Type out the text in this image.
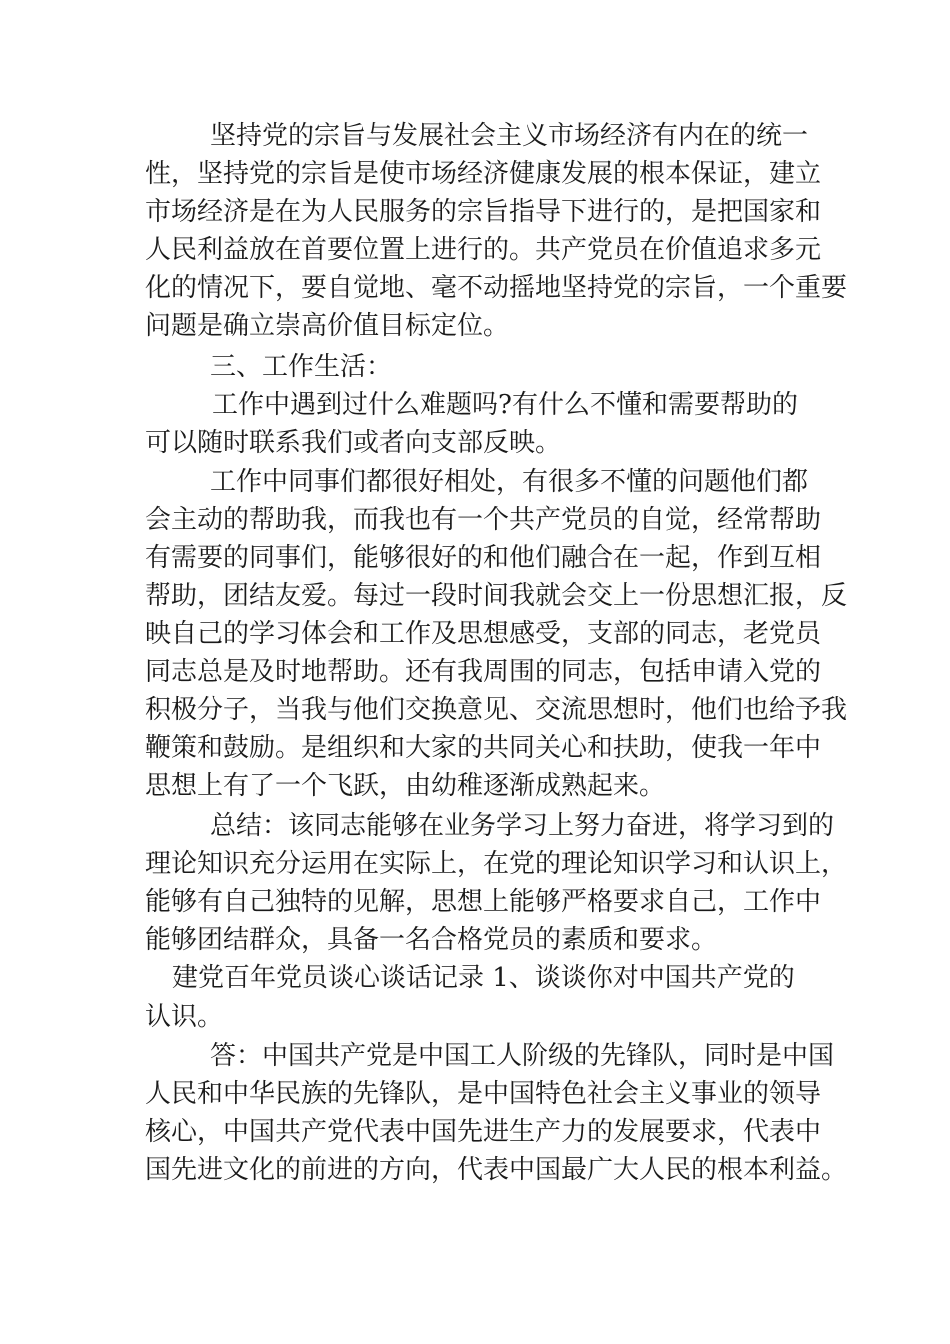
坚持党的宗旨与发展社会主义市场经济有内在的统一
性，坚持党的宗旨是使市场经济健康发展的根本保证，建立
市场经济是在为人民服务的宗旨指导下进行的，是把国家和
人民利益放在首要位置上进行的。共产党员在价值追求多元
化的情况下，要自觉地、毫不动摇地坚持党的宗旨，一个重要
问题是确立崇高价值目标定位。
三、工作生活：
工作中遇到过什么难题吗?有什么不懂和需要帮助的
可以随时联系我们或者向支部反映。
工作中同事们都很好相处，有很多不懂的问题他们都
会主动的帮助我，而我也有一个共产党员的自觉，经常帮助
有需要的同事们，能够很好的和他们融合在一起，作到互相
帮助，团结友爱。每过一段时间我就会交上一份思想汇报，反
映自己的学习体会和工作及思想感受，支部的同志，老党员
同志总是及时地帮助。还有我周围的同志，包括申请入党的
积极分子，当我与他们交换意见、交流思想时，他们也给予我
鞭策和鼓励。是组织和大家的共同关心和扶助，使我一年中
思想上有了一个飞跃，由幼稚逐渐成熟起来。
总结：该同志能够在业务学习上努力奋进，将学习到的
理论知识充分运用在实际上，在党的理论知识学习和认识上，
能够有自己独特的见解，思想上能够严格要求自己，工作中
能够团结群众，具备一名合格党员的素质和要求。
建党百年党员谈心谈话记录 1、谈谈你对中国共产党的
认识。
答：中国共产党是中国工人阶级的先锋队，同时是中国
人民和中华民族的先锋队，是中国特色社会主义事业的领导
核心，中国共产党代表中国先进生产力的发展要求，代表中
国先进文化的前进的方向，代表中国最广大人民的根本利益。
